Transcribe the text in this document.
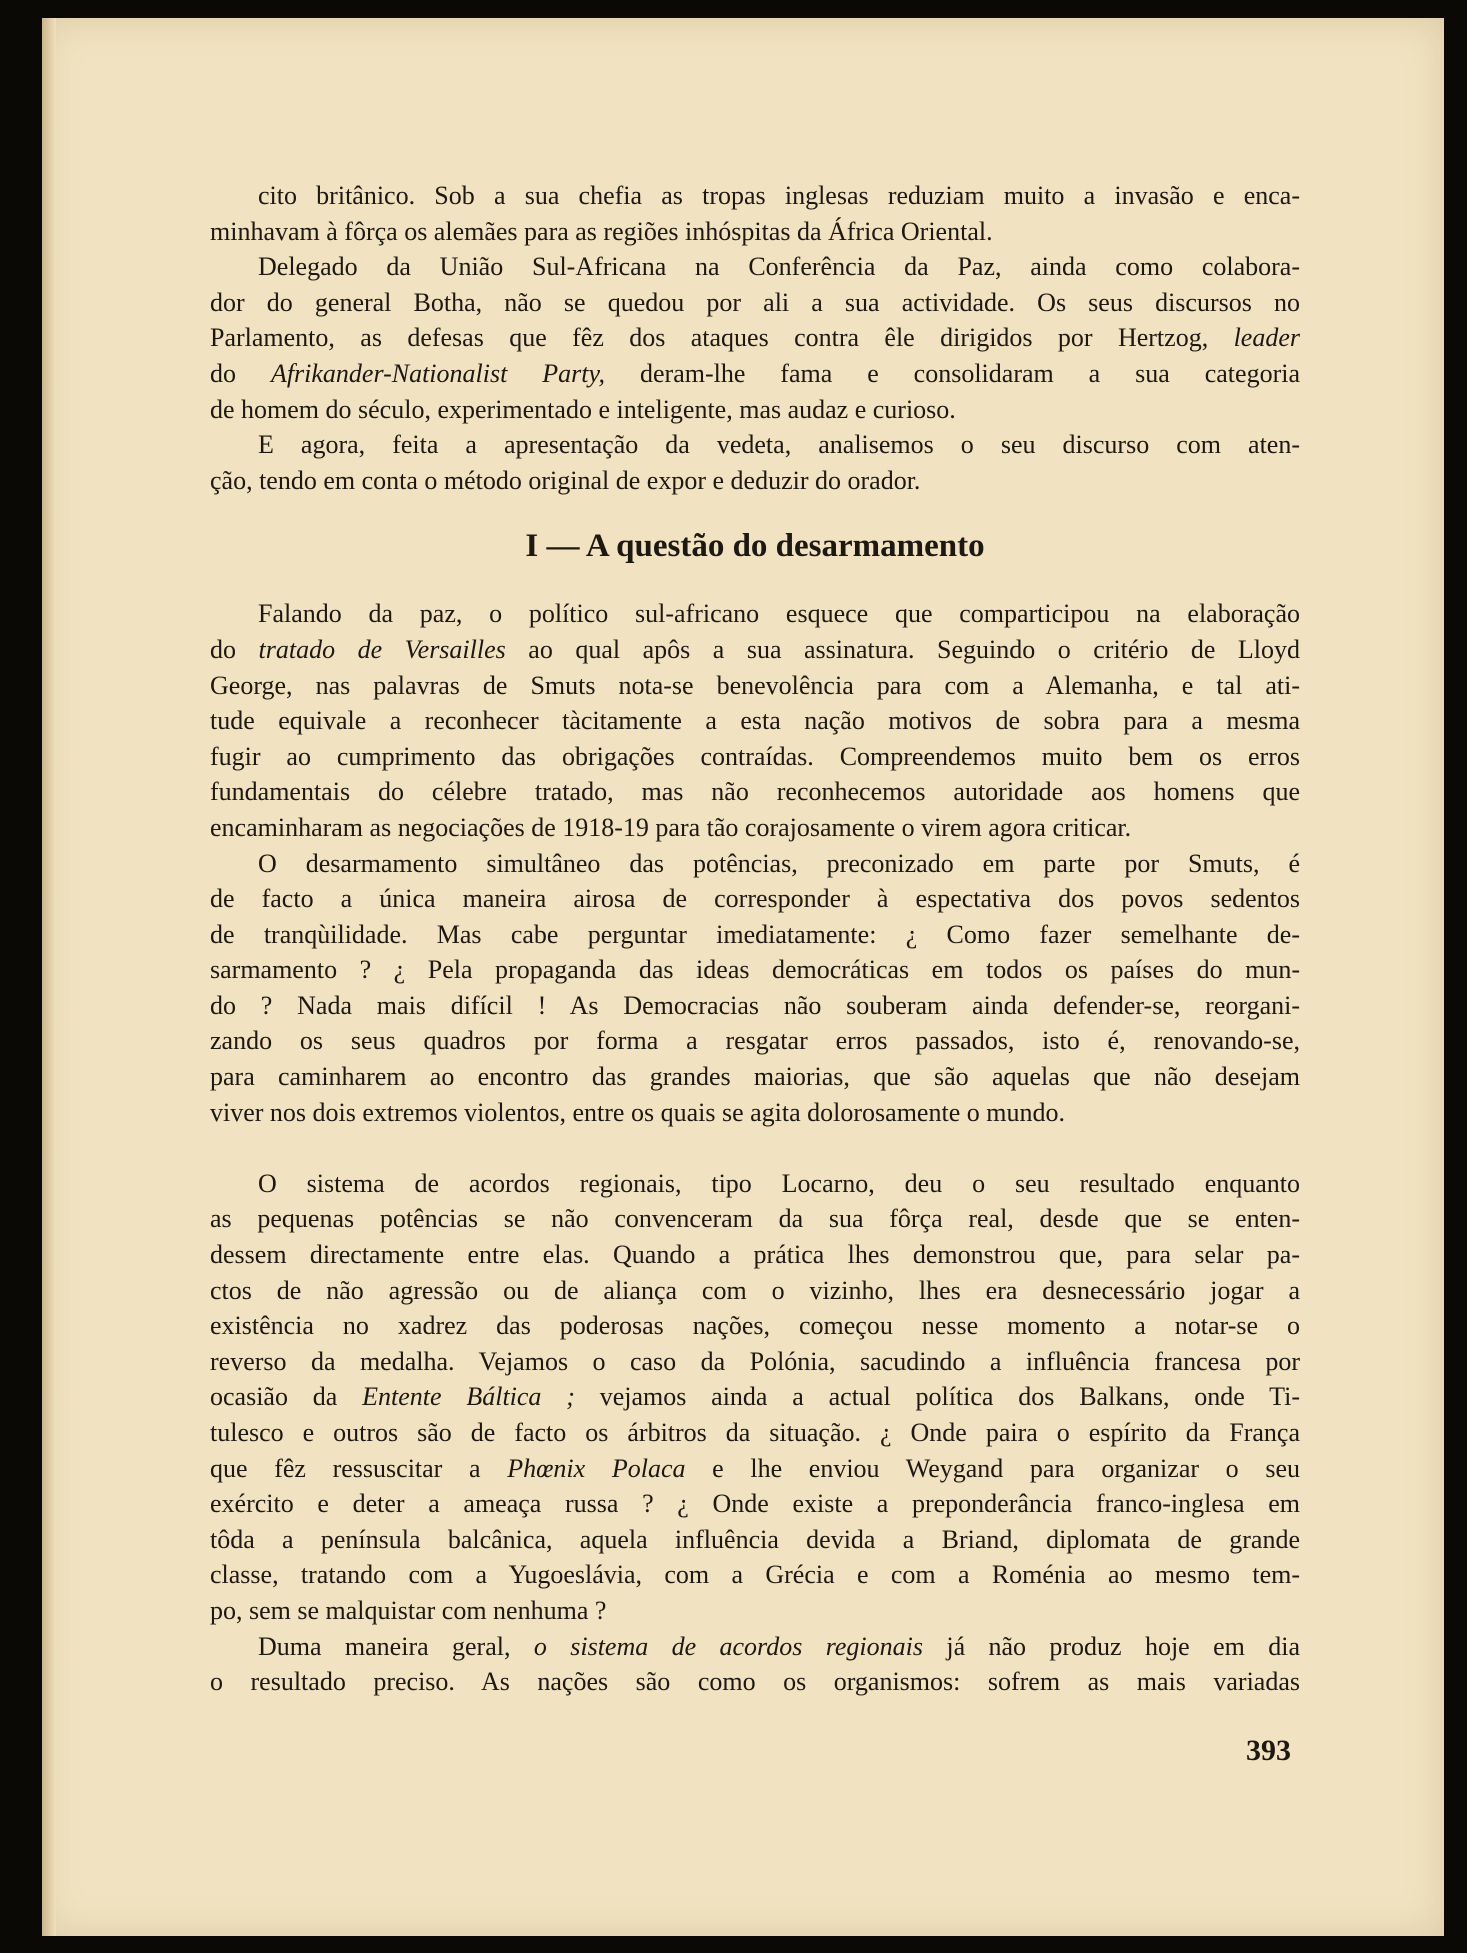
cito britânico. Sob a sua chefia as tropas inglesas reduziam muito a invasão e enca-
minhavam à fôrça os alemães para as regiões inhóspitas da África Oriental.
Delegado da União Sul-Africana na Conferência da Paz, ainda como colabora-
dor do general Botha, não se quedou por ali a sua actividade. Os seus discursos no
Parlamento, as defesas que fêz dos ataques contra êle dirigidos por Hertzog, leader
do Afrikander-Nationalist Party, deram-lhe fama e consolidaram a sua categoria
de homem do século, experimentado e inteligente, mas audaz e curioso.
E agora, feita a apresentação da vedeta, analisemos o seu discurso com aten-
ção, tendo em conta o método original de expor e deduzir do orador.
I — A questão do desarmamento
Falando da paz, o político sul-africano esquece que comparticipou na elaboração
do tratado de Versailles ao qual apôs a sua assinatura. Seguindo o critério de Lloyd
George, nas palavras de Smuts nota-se benevolência para com a Alemanha, e tal ati-
tude equivale a reconhecer tàcitamente a esta nação motivos de sobra para a mesma
fugir ao cumprimento das obrigações contraídas. Compreendemos muito bem os erros
fundamentais do célebre tratado, mas não reconhecemos autoridade aos homens que
encaminharam as negociações de 1918-19 para tão corajosamente o virem agora criticar.
O desarmamento simultâneo das potências, preconizado em parte por Smuts, é
de facto a única maneira airosa de corresponder à espectativa dos povos sedentos
de tranqùilidade. Mas cabe perguntar imediatamente: ¿ Como fazer semelhante de-
sarmamento ? ¿ Pela propaganda das ideas democráticas em todos os países do mun-
do ? Nada mais difícil ! As Democracias não souberam ainda defender-se, reorgani-
zando os seus quadros por forma a resgatar erros passados, isto é, renovando-se,
para caminharem ao encontro das grandes maiorias, que são aquelas que não desejam
viver nos dois extremos violentos, entre os quais se agita dolorosamente o mundo.
O sistema de acordos regionais, tipo Locarno, deu o seu resultado enquanto
as pequenas potências se não convenceram da sua fôrça real, desde que se enten-
dessem directamente entre elas. Quando a prática lhes demonstrou que, para selar pa-
ctos de não agressão ou de aliança com o vizinho, lhes era desnecessário jogar a
existência no xadrez das poderosas nações, começou nesse momento a notar-se o
reverso da medalha. Vejamos o caso da Polónia, sacudindo a influência francesa por
ocasião da Entente Báltica ; vejamos ainda a actual política dos Balkans, onde Ti-
tulesco e outros são de facto os árbitros da situação. ¿ Onde paira o espírito da França
que fêz ressuscitar a Phœnix Polaca e lhe enviou Weygand para organizar o seu
exército e deter a ameaça russa ? ¿ Onde existe a preponderância franco-inglesa em
tôda a península balcânica, aquela influência devida a Briand, diplomata de grande
classe, tratando com a Yugoeslávia, com a Grécia e com a Roménia ao mesmo tem-
po, sem se malquistar com nenhuma ?
Duma maneira geral, o sistema de acordos regionais já não produz hoje em dia
o resultado preciso. As nações são como os organismos: sofrem as mais variadas
393
